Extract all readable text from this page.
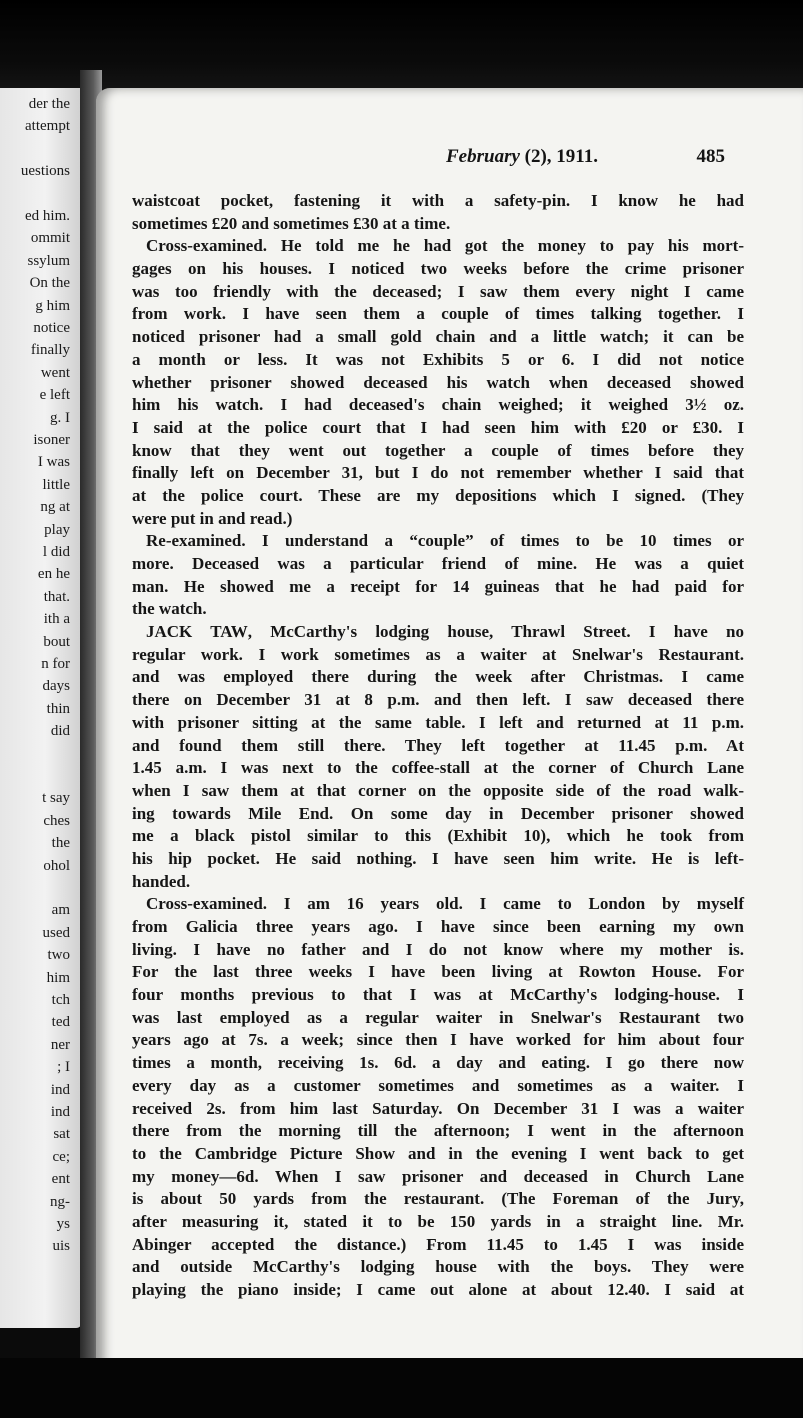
der the
attempt
uestions
ed him.
ommit
ssylum
On the
g him
notice
finally
went
e left
g. I
isoner
I was
little
ng at
play
l did
en he
that.
ith a
bout
n for
days
thin
did
t say
ches
the
ohol
am
used
two
him
tch
ted
ner
; I
ind
ind
sat
ce;
ent
ng-
ys
uis
February (2), 1911.	485
waistcoat pocket, fastening it with a safety-pin. I know he had
sometimes £20 and sometimes £30 at a time.
Cross-examined. He told me he had got the money to pay his mort-
gages on his houses. I noticed two weeks before the crime prisoner
was too friendly with the deceased; I saw them every night I came
from work. I have seen them a couple of times talking together. I
noticed prisoner had a small gold chain and a little watch; it can be
a month or less. It was not Exhibits 5 or 6. I did not notice
whether prisoner showed deceased his watch when deceased showed
him his watch. I had deceased's chain weighed; it weighed 3½ oz.
I said at the police court that I had seen him with £20 or £30. I
know that they went out together a couple of times before they
finally left on December 31, but I do not remember whether I said that
at the police court. These are my depositions which I signed. (They
were put in and read.)
Re-examined. I understand a “couple” of times to be 10 times or
more. Deceased was a particular friend of mine. He was a quiet
man. He showed me a receipt for 14 guineas that he had paid for
the watch.
JACK TAW, McCarthy's lodging house, Thrawl Street. I have no
regular work. I work sometimes as a waiter at Snelwar's Restaurant.
and was employed there during the week after Christmas. I came
there on December 31 at 8 p.m. and then left. I saw deceased there
with prisoner sitting at the same table. I left and returned at 11 p.m.
and found them still there. They left together at 11.45 p.m. At
1.45 a.m. I was next to the coffee-stall at the corner of Church Lane
when I saw them at that corner on the opposite side of the road walk-
ing towards Mile End. On some day in December prisoner showed
me a black pistol similar to this (Exhibit 10), which he took from
his hip pocket. He said nothing. I have seen him write. He is left-
handed.
Cross-examined. I am 16 years old. I came to London by myself
from Galicia three years ago. I have since been earning my own
living. I have no father and I do not know where my mother is.
For the last three weeks I have been living at Rowton House. For
four months previous to that I was at McCarthy's lodging-house. I
was last employed as a regular waiter in Snelwar's Restaurant two
years ago at 7s. a week; since then I have worked for him about four
times a month, receiving 1s. 6d. a day and eating. I go there now
every day as a customer sometimes and sometimes as a waiter. I
received 2s. from him last Saturday. On December 31 I was a waiter
there from the morning till the afternoon; I went in the afternoon
to the Cambridge Picture Show and in the evening I went back to get
my money—6d. When I saw prisoner and deceased in Church Lane
is about 50 yards from the restaurant. (The Foreman of the Jury,
after measuring it, stated it to be 150 yards in a straight line. Mr.
Abinger accepted the distance.) From 11.45 to 1.45 I was inside
and outside McCarthy's lodging house with the boys. They were
playing the piano inside; I came out alone at about 12.40. I said at
